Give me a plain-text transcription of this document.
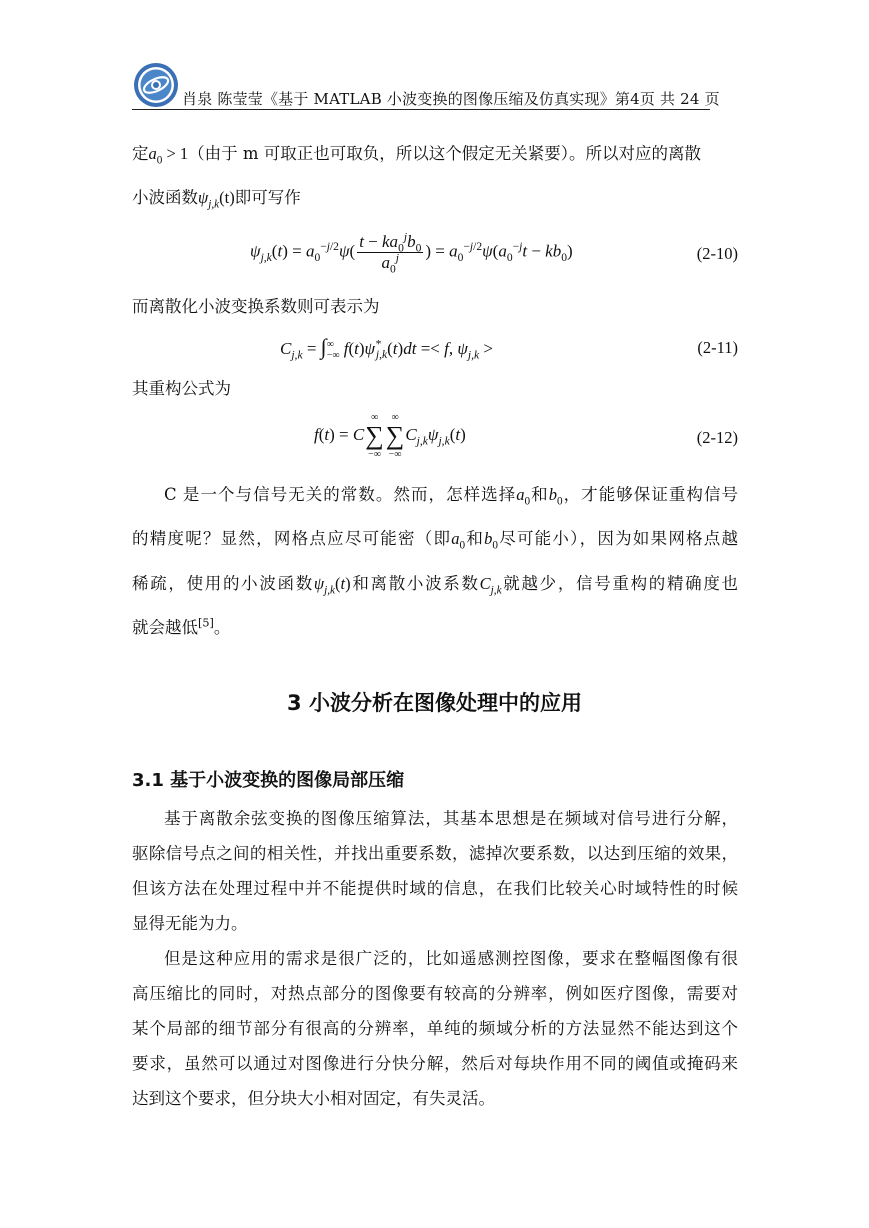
肖泉 陈莹莹《基于 MATLAB 小波变换的图像压缩及仿真实现》第4页 共 24 页
定$a_0 > 1$（由于 m 可取正也可取负，所以这个假定无关紧要）。所以对应的离散
小波函数$\psi_{j,k}(t)$即可写作
$\psi_{j,k}(t) = a_0^{-j/2}\psi( \frac{t - ka_0^jb_0}{a_0^j}$ ) = $a_0^{-j/2}\psi(a_0^{-j}t - kb_0)$	(2-10)
而离散化小波变换系数则可表示为
$C_{j,k}$ = ∫ ∞
−∞ $f(t)\psi^*_{j,k}(t)dt =< f$, $\psi_{j,k}$ >	(2-11)
其重构公式为
f(t) = C
∞
∑
−∞
∞
∑
−∞
$C_{j,k}\psi_{j,k}(t)$	(2-12)
C 是一个与信号无关的常数。然而，怎样选择$a_0$和$b_0$，才能够保证重构信号
的精度呢？显然，网格点应尽可能密（即$a_0$和$b_0$尽可能小），因为如果网格点越
稀疏，使用的小波函数$\psi_{j,k}(t)$和离散小波系数$C_{j,k}$就越少，信号重构的精确度也
就会越低[5]。
3 小波分析在图像处理中的应用
3.1 基于小波变换的图像局部压缩
基于离散余弦变换的图像压缩算法，其基本思想是在频域对信号进行分解，
驱除信号点之间的相关性，并找出重要系数，滤掉次要系数，以达到压缩的效果，
但该方法在处理过程中并不能提供时域的信息，在我们比较关心时域特性的时候
显得无能为力。
但是这种应用的需求是很广泛的，比如遥感测控图像，要求在整幅图像有很
高压缩比的同时，对热点部分的图像要有较高的分辨率，例如医疗图像，需要对
某个局部的细节部分有很高的分辨率，单纯的频域分析的方法显然不能达到这个
要求，虽然可以通过对图像进行分快分解，然后对每块作用不同的阈值或掩码来
达到这个要求，但分块大小相对固定，有失灵活。
